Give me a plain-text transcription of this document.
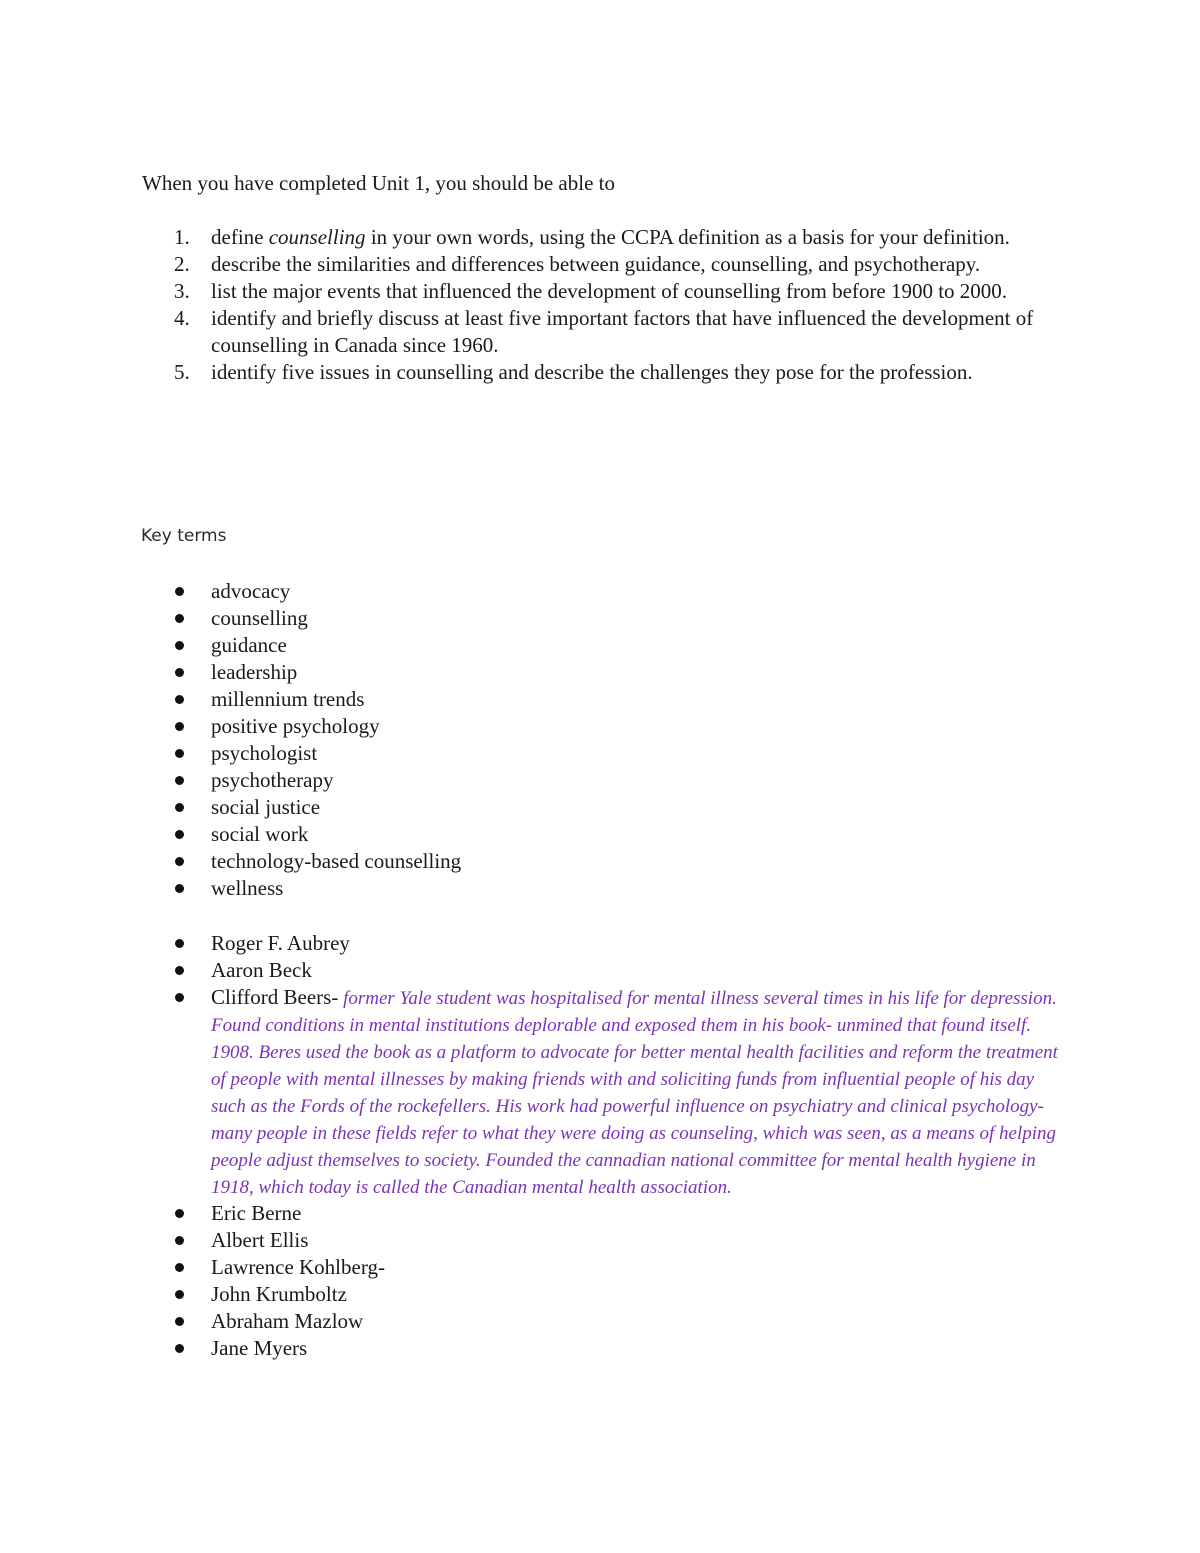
When you have completed Unit 1, you should be able to
1. define counselling in your own words, using the CCPA definition as a basis for your definition.
2. describe the similarities and differences between guidance, counselling, and psychotherapy.
3. list the major events that influenced the development of counselling from before 1900 to 2000.
4. identify and briefly discuss at least five important factors that have influenced the development of counselling in Canada since 1960.
5. identify five issues in counselling and describe the challenges they pose for the profession.
Key terms
advocacy
counselling
guidance
leadership
millennium trends
positive psychology
psychologist
psychotherapy
social justice
social work
technology-based counselling
wellness
Roger F. Aubrey
Aaron Beck
Clifford Beers- former Yale student was hospitalised for mental illness several times in his life for depression. Found conditions in mental institutions deplorable and exposed them in his book- unmined that found itself. 1908. Beres used the book as a platform to advocate for better mental health facilities and reform the treatment of people with mental illnesses by making friends with and soliciting funds from influential people of his day such as the Fords of the rockefellers. His work had powerful influence on psychiatry and clinical psychology- many people in these fields refer to what they were doing as counseling, which was seen, as a means of helping people adjust themselves to society. Founded the cannadian national committee for mental health hygiene in 1918, which today is called the Canadian mental health association.
Eric Berne
Albert Ellis
Lawrence Kohlberg-
John Krumboltz
Abraham Mazlow
Jane Myers
